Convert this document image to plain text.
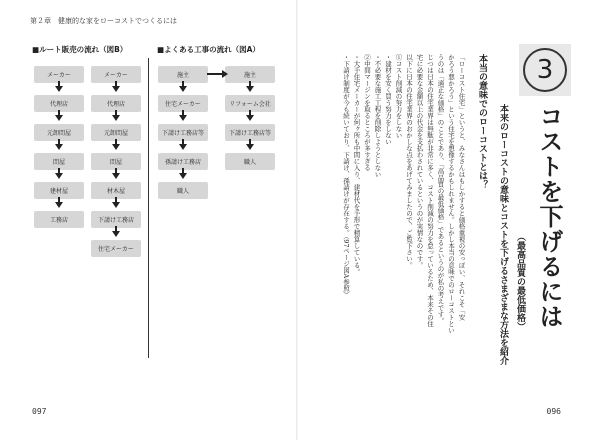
第２章　健康的な家をローコストでつくるには
■ルート販売の流れ（図B）
メーカー
代理店
元卸問屋
問屋
建材屋
工務店
メーカー
代理店
元卸問屋
問屋
材木屋
下請け工務店
住宅メーカー
■よくある工事の流れ（図A）
施主
住宅メーカー
下請け工務店等
孫請け工務店
職人
施主
リフォーム会社
下請け工務店等
職人
3
コストを下げるには
（最高品質の最低価格）
本来のローコストの意味とコストを下げるさまざまな方法を紹介
本当の意味でのローコストとは？
「ローコスト住宅」というと、みなさんはもしかすると価格重視の安っぽい、それこそ「安
かろう悪かろう」という住宅を想像するかもしれません。しかし本当の意味でのローコストとい
うのは「適正な価格」のことであり、「高品質の最低価格」であるというのが私の考えです。
じつは日本の住宅業界は無駄が非常に多く、コスト削減の努力を怠っているため、本来その住
宅に必要な金額以上の代金を支払わされているというのが実情なのです。
以下に日本の住宅業界のおかしな点をあげてみましたので、ご覧下さい。
①コスト削減の努力をしない
・建材を安く買う努力をしない
・不必要な施工工程を削除しようとしない
②中間マージンを取るところが多すぎる
・大手住宅メーカーが何ヶ所も中間に入り、建材代を手形で精算している。
・下請け制度が今も続いており、下請け、孫請けが存在する。（97ページ図A参照）
097	096
